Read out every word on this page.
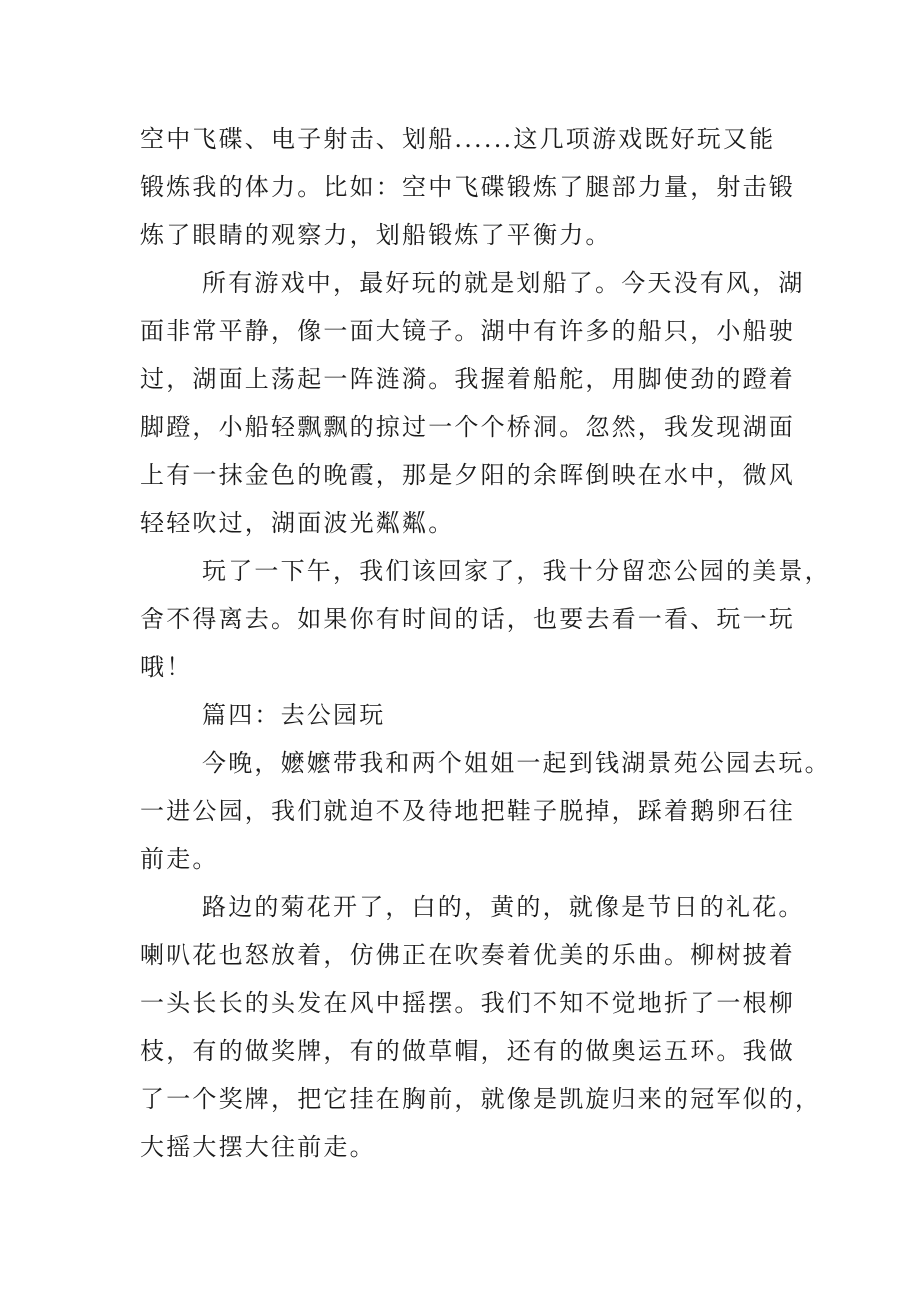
空中飞碟、电子射击、划船......这几项游戏既好玩又能
锻炼我的体力。比如：空中飞碟锻炼了腿部力量，射击锻
炼了眼睛的观察力，划船锻炼了平衡力。
所有游戏中，最好玩的就是划船了。今天没有风，湖
面非常平静，像一面大镜子。湖中有许多的船只，小船驶
过，湖面上荡起一阵涟漪。我握着船舵，用脚使劲的蹬着
脚蹬，小船轻飘飘的掠过一个个桥洞。忽然，我发现湖面
上有一抹金色的晚霞，那是夕阳的余晖倒映在水中，微风
轻轻吹过，湖面波光粼粼。
玩了一下午，我们该回家了，我十分留恋公园的美景，
舍不得离去。如果你有时间的话，也要去看一看、玩一玩
哦！
篇四：去公园玩
今晚，嬷嬷带我和两个姐姐一起到钱湖景苑公园去玩。
一进公园，我们就迫不及待地把鞋子脱掉，踩着鹅卵石往
前走。
路边的菊花开了，白的，黄的，就像是节日的礼花。
喇叭花也怒放着，仿佛正在吹奏着优美的乐曲。柳树披着
一头长长的头发在风中摇摆。我们不知不觉地折了一根柳
枝，有的做奖牌，有的做草帽，还有的做奥运五环。我做
了一个奖牌，把它挂在胸前，就像是凯旋归来的冠军似的，
大摇大摆大往前走。
